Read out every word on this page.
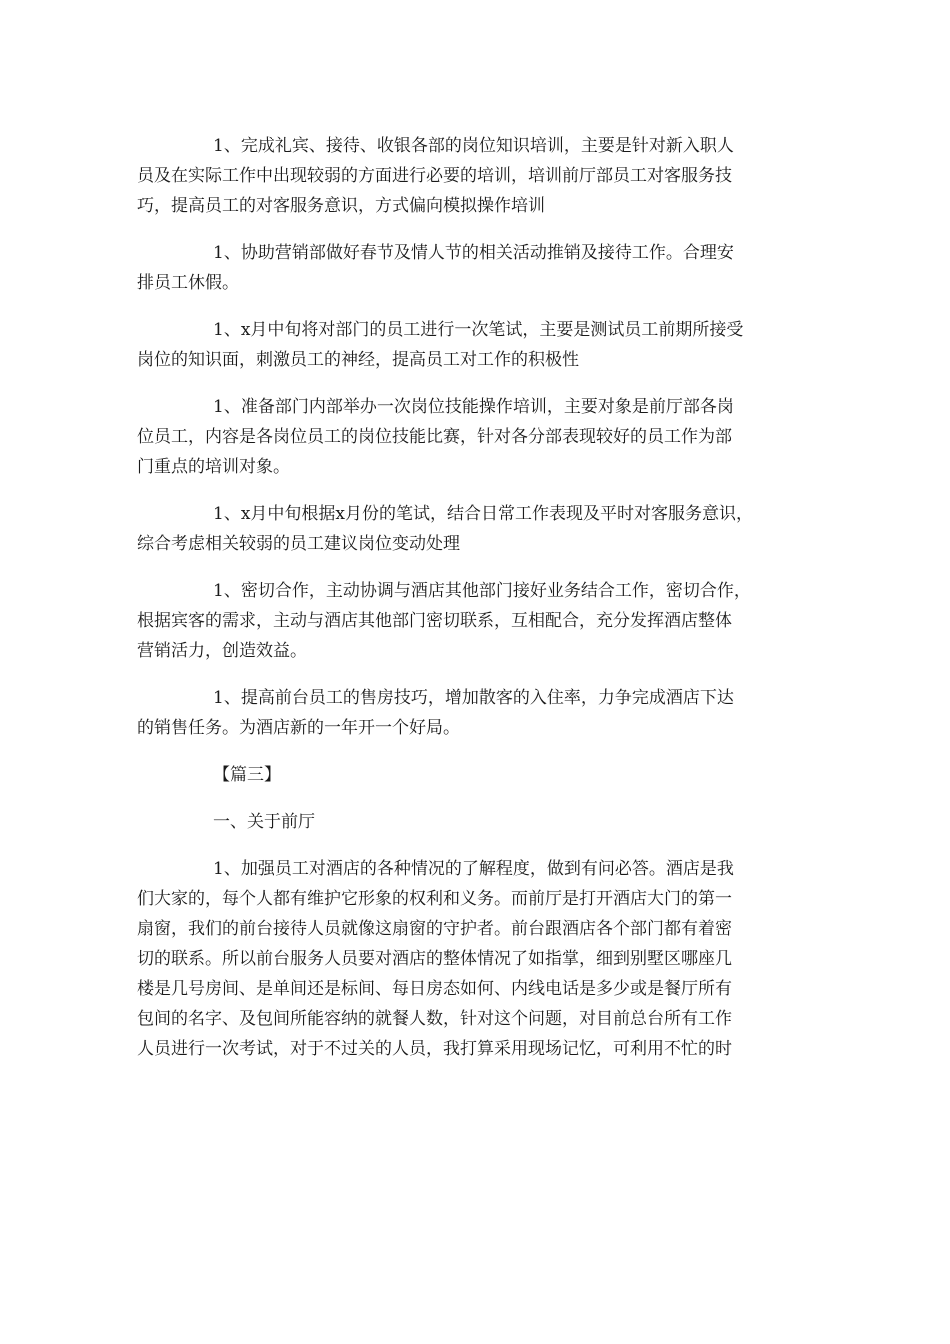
1、完成礼宾、接待、收银各部的岗位知识培训，主要是针对新入职人
员及在实际工作中出现较弱的方面进行必要的培训，培训前厅部员工对客服务技
巧，提高员工的对客服务意识，方式偏向模拟操作培训

1、协助营销部做好春节及情人节的相关活动推销及接待工作。合理安
排员工休假。

1、x月中旬将对部门的员工进行一次笔试，主要是测试员工前期所接受
岗位的知识面，刺激员工的神经，提高员工对工作的积极性

1、准备部门内部举办一次岗位技能操作培训，主要对象是前厅部各岗
位员工，内容是各岗位员工的岗位技能比赛，针对各分部表现较好的员工作为部
门重点的培训对象。

1、x月中旬根据x月份的笔试，结合日常工作表现及平时对客服务意识，
综合考虑相关较弱的员工建议岗位变动处理

1、密切合作，主动协调与酒店其他部门接好业务结合工作，密切合作，
根据宾客的需求，主动与酒店其他部门密切联系，互相配合，充分发挥酒店整体
营销活力，创造效益。

1、提高前台员工的售房技巧，增加散客的入住率，力争完成酒店下达
的销售任务。为酒店新的一年开一个好局。

【篇三】

一、关于前厅

1、加强员工对酒店的各种情况的了解程度，做到有问必答。酒店是我
们大家的，每个人都有维护它形象的权利和义务。而前厅是打开酒店大门的第一
扇窗，我们的前台接待人员就像这扇窗的守护者。前台跟酒店各个部门都有着密
切的联系。所以前台服务人员要对酒店的整体情况了如指掌，细到别墅区哪座几
楼是几号房间、是单间还是标间、每日房态如何、内线电话是多少或是餐厅所有
包间的名字、及包间所能容纳的就餐人数，针对这个问题，对目前总台所有工作
人员进行一次考试，对于不过关的人员，我打算采用现场记忆，可利用不忙的时
